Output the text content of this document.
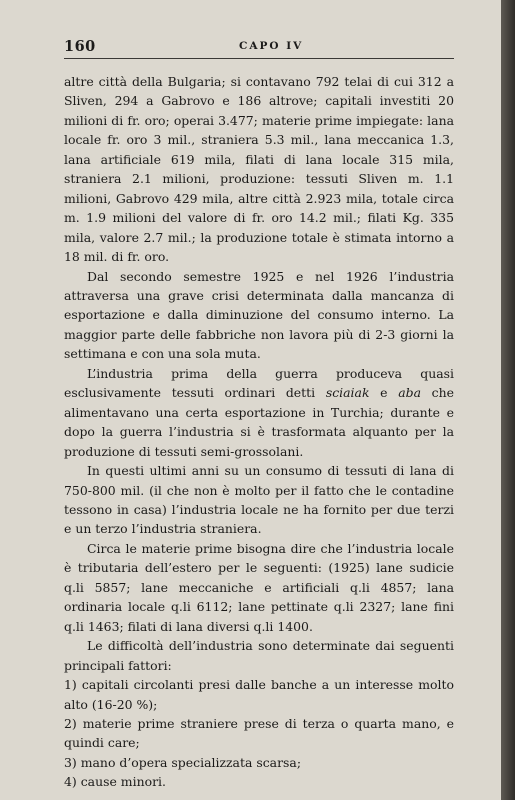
160	CAPO IV

altre città della Bulgaria; si contavano 792 telai di cui 312 a Sliven, 294 a Gabrovo e 186 altrove; capitali investiti 20 milioni di fr. oro; operai 3.477; materie prime impiegate: lana locale fr. oro 3 mil., straniera 5.3 mil., lana meccanica 1.3, lana artificiale 619 mila, filati di lana locale 315 mila, straniera 2.1 milioni, produzione: tessuti Sliven m. 1.1 milioni, Gabrovo 429 mila, altre città 2.923 mila, totale circa m. 1.9 milioni del valore di fr. oro 14.2 mil.; filati Kg. 335 mila, valore 2.7 mil.; la produzione totale è stimata intorno a 18 mil. di fr. oro.

Dal secondo semestre 1925 e nel 1926 l’industria attraversa una grave crisi determinata dalla mancanza di esportazione e dalla diminuzione del consumo interno. La maggior parte delle fabbriche non lavora più di 2-3 giorni la settimana e con una sola muta.

L’industria prima della guerra produceva quasi esclusivamente tessuti ordinari detti sciaiak e aba che alimentavano una certa esportazione in Turchia; durante e dopo la guerra l’industria si è trasformata alquanto per la produzione di tessuti semi-grossolani.

In questi ultimi anni su un consumo di tessuti di lana di 750-800 mil. (il che non è molto per il fatto che le contadine tessono in casa) l’industria locale ne ha fornito per due terzi e un terzo l’industria straniera.

Circa le materie prime bisogna dire che l’industria locale è tributaria dell’estero per le seguenti: (1925) lane sudicie q.li 5857; lane meccaniche e artificiali q.li 4857; lana ordinaria locale q.li 6112; lane pettinate q.li 2327; lane fini q.li 1463; filati di lana diversi q.li 1400.

Le difficoltà dell’industria sono determinate dai seguenti principali fattori:

1) capitali circolanti presi dalle banche a un interesse molto alto (16-20 %);

2) materie prime straniere prese di terza o quarta mano, e quindi care;

3) mano d’opera specializzata scarsa;

4) cause minori.
